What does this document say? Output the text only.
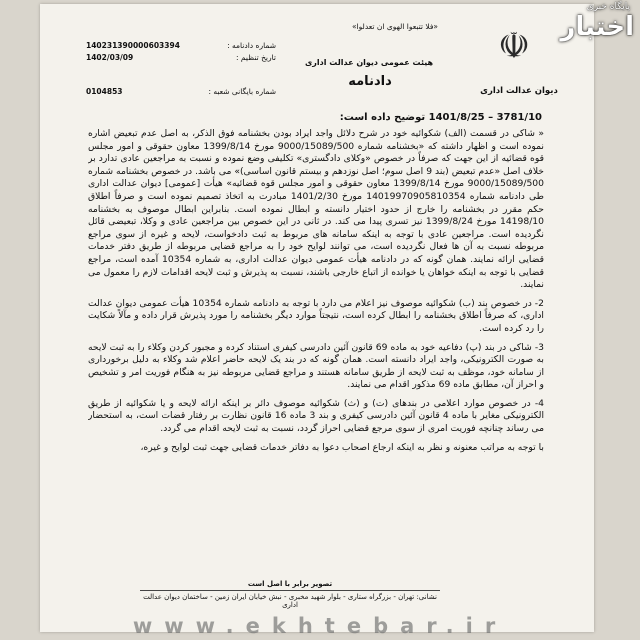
☫
دیوان عدالت اداری
«فلا تتبعوا الهوی ان تعدلوا»
هیئت عمومی دیوان عدالت اداری
دادنامه
شماره دادنامه :
140231390000603394
تاریخ تنظیم :
1402/03/09
شماره بایگانی شعبه :
0104853
3781/10 – 1401/8/25 توضیح داده است:

« شاکی در قسمت (الف) شکوائیه خود در شرح دلائل واجد ایراد بودن بخشنامه فوق الذکر، به اصل عدم تبعیض اشاره نموده است و اظهار داشته که «بخشنامه شماره 9000/15089/500 مورخ 1399/8/14 معاون حقوقی و امور مجلس قوه قضائیه از این جهت که صرفاً در خصوص «وکلای دادگستری» تکلیفی وضع نموده و نسبت به مراجعین عادی تدارد بر خلاف اصل «عدم تبعیض (بند 9 اصل سوم؛ اصل نوزدهم و بیستم قانون اساسی)» می باشد. در خصوص بخشنامه شماره 9000/15089/500 مورخ 1399/8/14 معاون حقوقی و امور مجلس قوه قضائیه» هیأت [عمومی] دیوان عدالت اداری طی دادنامه شماره 14019970905810354 مورخ 1401/2/30 مبادرت به اتخاذ تصمیم نموده است و صرفاً اطلاق حکم مقرر در بخشنامه را خارج از حدود اختیار دانسته و ابطال نموده است. بنابراین ابطال موصوف به بخشنامه 14198/10 مورخ 1399/8/24 نیز تسری پیدا می کند. در ثانی در این خصوص بین مراجعین عادی و وکلا، تبعیضی قائل نگردیده است. مراجعین عادی با توجه به اینکه سامانه های مربوط به ثبت دادخواست، لایحه و غیره از سوی مراجع مربوطه نسبت به آن ها فعال نگردیده است، می توانند لوایح خود را به مراجع قضایی مربوطه از طریق دفتر خدمات قضایی ارائه نمایند. همان گونه که در دادنامه هیأت عمومی دیوان عدالت اداری، به شماره 10354 آمده است، مراجع قضایی با توجه به اینکه خواهان یا خوانده از اتباع خارجی باشند، نسبت به پذیرش و ثبت لایحه اقدامات لازم را معمول می نمایند.

2- در خصوص بند (ب) شکوائیه موصوف نیز اعلام می دارد با توجه به دادنامه شماره 10354 هیأت عمومی دیوان عدالت اداری، که صرفاً اطلاق بخشنامه را ابطال کرده است، نتیجتاً موارد دیگر بخشنامه را مورد پذیرش قرار داده و مآلاً شکایت را رد کرده است.

3- شاکی در بند (پ) دفاعیه خود به ماده 69 قانون آئین دادرسی کیفری استناد کرده و مجبور کردن وکلاء را به ثبت لایحه به صورت الکترونیکی، واجد ایراد دانسته است. همان گونه که در بند یک لایحه حاضر اعلام شد وکلاء به دلیل برخورداری از سامانه خود، موظف به ثبت لایحه از طریق سامانه هستند و مراجع قضایی مربوطه نیز به هنگام فوریت امر و تشخیص و احراز آن، مطابق ماده 69 مذکور اقدام می نمایند.

4- در خصوص موارد اعلامی در بندهای (ت) و (ث) شکوائیه موصوف دائر بر اینکه ارائه لایحه و یا شکوائیه از طریق الکترونیکی مغایر با ماده 4 قانون آئین دادرسی کیفری و بند 3 ماده 16 قانون نظارت بر رفتار قضات است، به استحضار می رساند چنانچه فوریت امری از سوی مرجع قضایی احراز گردد، نسبت به ثبت لایحه اقدام می گردد.

با توجه به مراتب معنونه و نظر به اینکه ارجاع اصحاب دعوا به دفاتر خدمات قضایی جهت ثبت لوایح و غیره،

تصویر برابر با اصل است
نشانی: تهران - بزرگراه ستاری - بلوار شهید مخبری - نبش خیابان ایران زمین - ساختمان دیوان عدالت اداری
پایگاه خبری
اختبار
www.ekhtebar.ir
